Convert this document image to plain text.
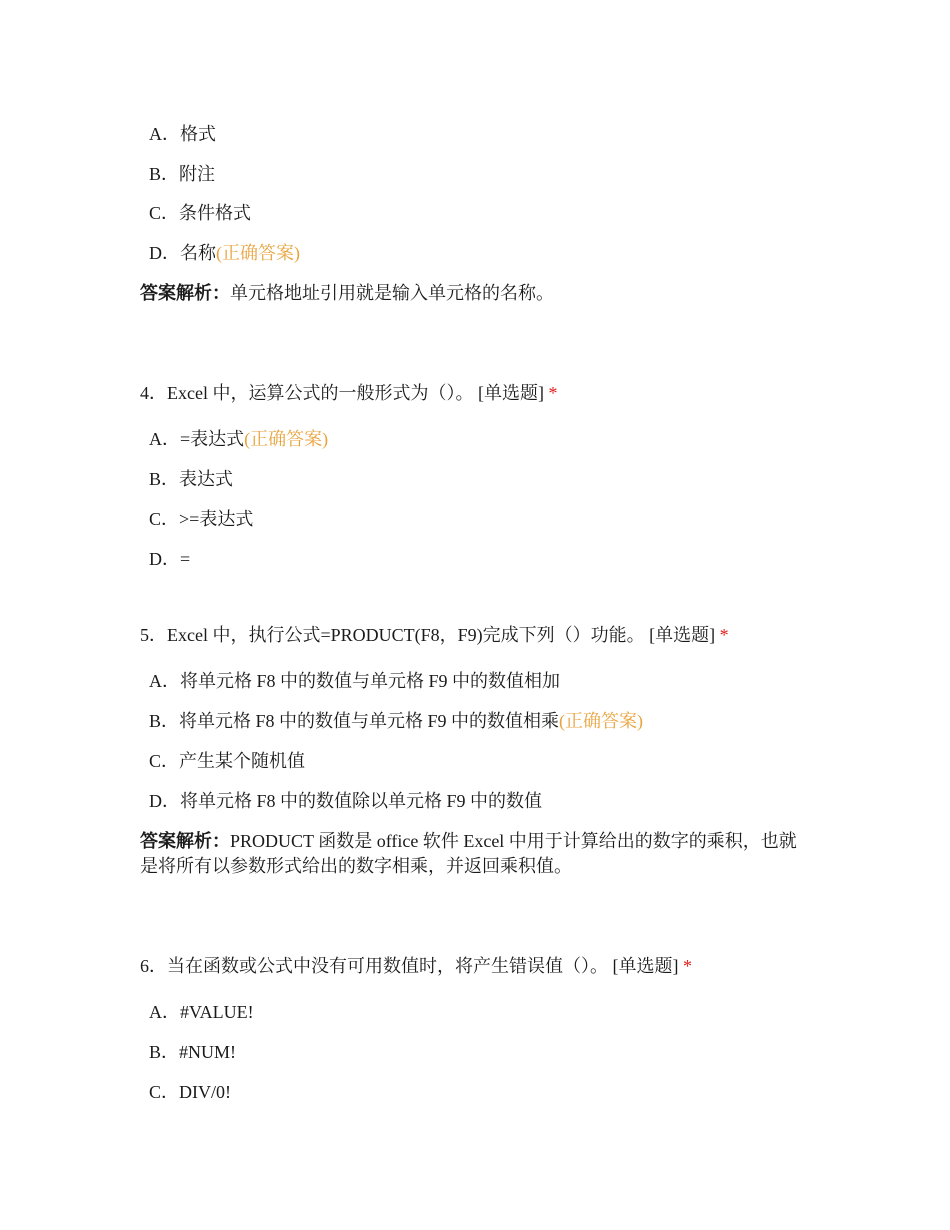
A．格式
B．附注
C．条件格式
D．名称(正确答案)
答案解析：单元格地址引用就是输入单元格的名称。
4．Excel 中，运算公式的一般形式为（）。 [单选题] *
A．=表达式(正确答案)
B．表达式
C．>=表达式
D．=
5．Excel 中，执行公式=PRODUCT(F8，F9)完成下列（）功能。 [单选题] *
A．将单元格 F8 中的数值与单元格 F9 中的数值相加
B．将单元格 F8 中的数值与单元格 F9 中的数值相乘(正确答案)
C．产生某个随机值
D．将单元格 F8 中的数值除以单元格 F9 中的数值
答案解析：PRODUCT 函数是 office 软件 Excel 中用于计算给出的数字的乘积，也就是将所有以参数形式给出的数字相乘，并返回乘积值。
6．当在函数或公式中没有可用数值时，将产生错误值（）。 [单选题] *
A．#VALUE!
B．#NUM!
C．DIV/0!
